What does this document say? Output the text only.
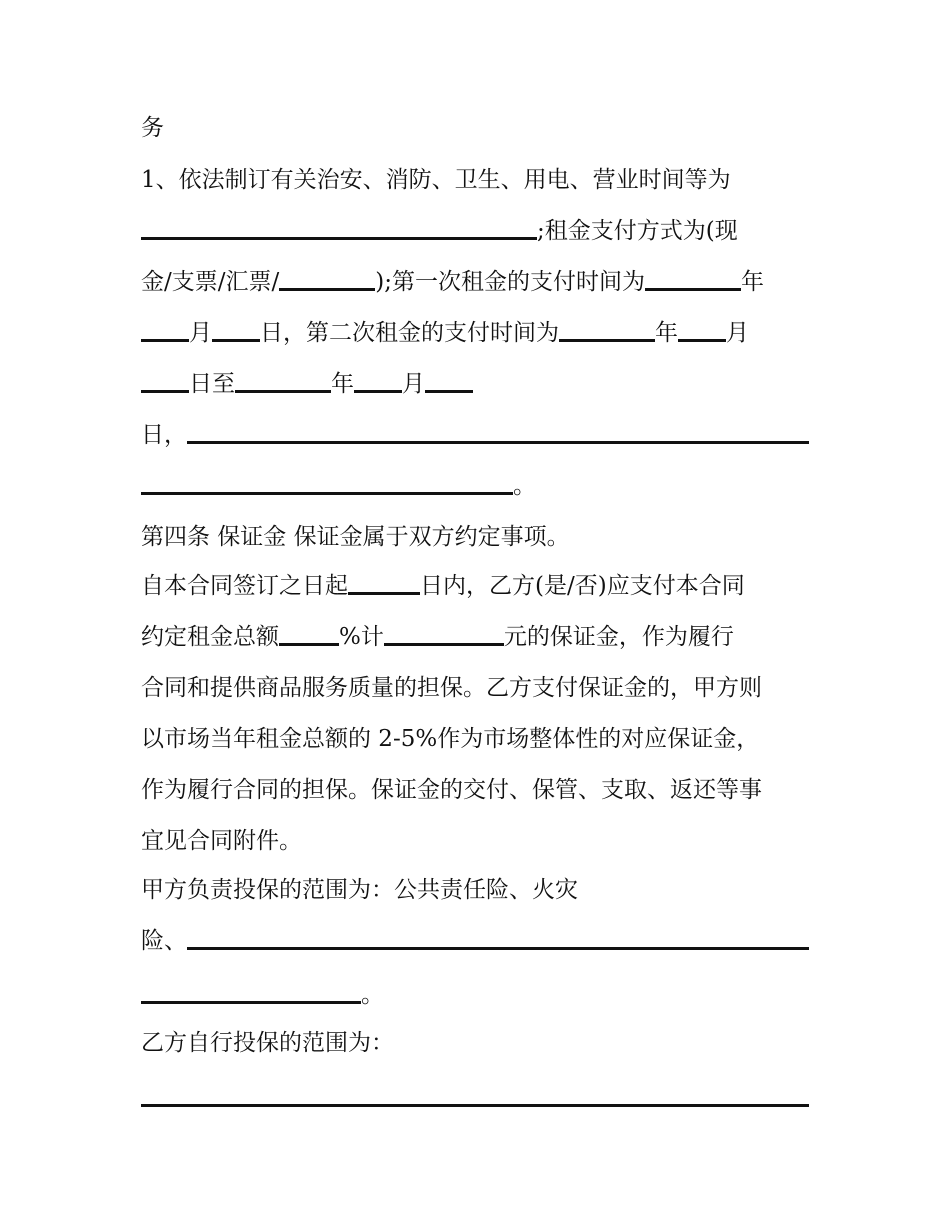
务
1、依法制订有关治安、消防、卫生、用电、营业时间等为
;租金支付方式为(现
金/支票/汇票/	);第一次租金的支付时间为	年
月 日，第二次租金的支付时间为	年 月
日至	年 月
日，
。
第四条 保证金 保证金属于双方约定事项。
自本合同签订之日起	日内，乙方(是/否)应支付本合同
约定租金总额	%计	元的保证金，作为履行
合同和提供商品服务质量的担保。乙方支付保证金的，甲方则
以市场当年租金总额的 2-5%作为市场整体性的对应保证金，
作为履行合同的担保。保证金的交付、保管、支取、返还等事
宜见合同附件。
甲方负责投保的范围为：公共责任险、火灾
险、
。
乙方自行投保的范围为：
